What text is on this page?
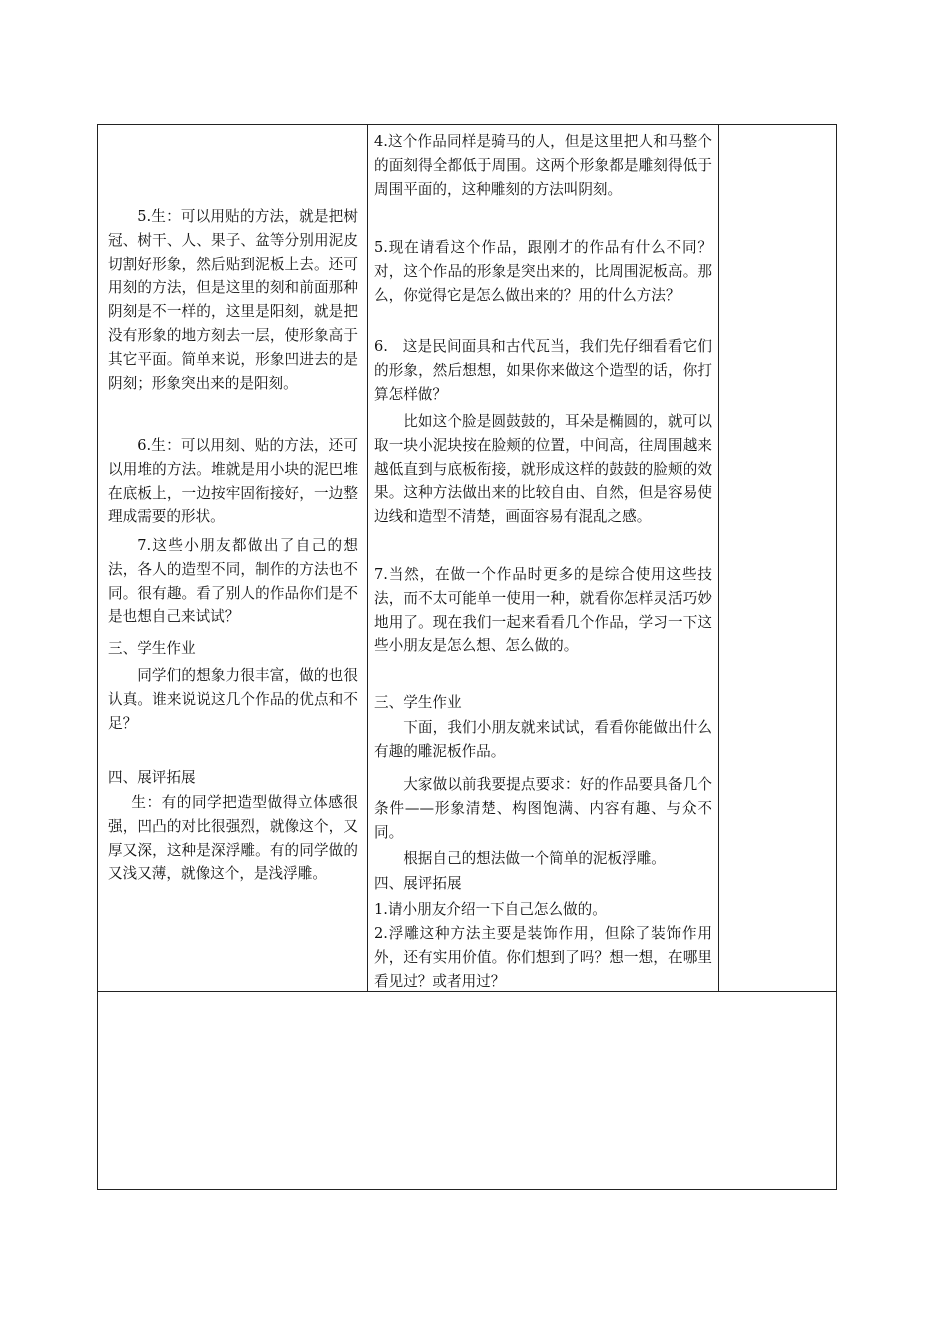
5.生：可以用贴的方法，就是把树冠、树干、人、果子、盆等分别用泥皮切割好形象，然后贴到泥板上去。还可用刻的方法，但是这里的刻和前面那种阴刻是不一样的，这里是阳刻，就是把没有形象的地方刻去一层，使形象高于其它平面。简单来说，形象凹进去的是阴刻；形象突出来的是阳刻。

6.生：可以用刻、贴的方法，还可以用堆的方法。堆就是用小块的泥巴堆在底板上，一边按牢固衔接好，一边整理成需要的形状。

7.这些小朋友都做出了自己的想法，各人的造型不同，制作的方法也不同。很有趣。看了别人的作品你们是不是也想自己来试试？

三、学生作业

同学们的想象力很丰富，做的也很认真。谁来说说这几个作品的优点和不足？

四、展评拓展

生：有的同学把造型做得立体感很强，凹凸的对比很强烈，就像这个，又厚又深，这种是深浮雕。有的同学做的又浅又薄，就像这个，是浅浮雕。

4.这个作品同样是骑马的人，但是这里把人和马整个的面刻得全都低于周围。这两个形象都是雕刻得低于周围平面的，这种雕刻的方法叫阴刻。

5.现在请看这个作品，跟刚才的作品有什么不同？对，这个作品的形象是突出来的，比周围泥板高。那么，你觉得它是怎么做出来的？用的什么方法？

6.　这是民间面具和古代瓦当，我们先仔细看看它们的形象，然后想想，如果你来做这个造型的话，你打算怎样做？

比如这个脸是圆鼓鼓的，耳朵是椭圆的，就可以取一块小泥块按在脸颊的位置，中间高，往周围越来越低直到与底板衔接，就形成这样的鼓鼓的脸颊的效果。这种方法做出来的比较自由、自然，但是容易使边线和造型不清楚，画面容易有混乱之感。

7.当然，在做一个作品时更多的是综合使用这些技法，而不太可能单一使用一种，就看你怎样灵活巧妙地用了。现在我们一起来看看几个作品，学习一下这些小朋友是怎么想、怎么做的。

三、学生作业

下面，我们小朋友就来试试，看看你能做出什么有趣的雕泥板作品。

大家做以前我要提点要求：好的作品要具备几个条件——形象清楚、构图饱满、内容有趣、与众不同。

根据自己的想法做一个简单的泥板浮雕。

四、展评拓展

1.请小朋友介绍一下自己怎么做的。

2.浮雕这种方法主要是装饰作用，但除了装饰作用外，还有实用价值。你们想到了吗？想一想，在哪里看见过？或者用过？
